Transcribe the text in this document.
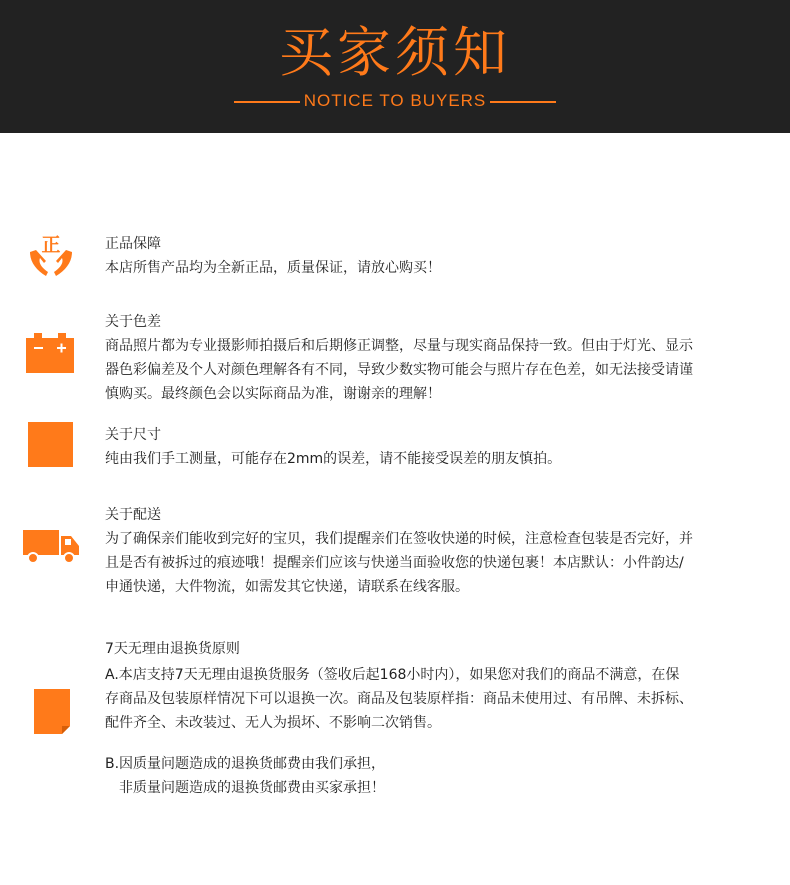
买家须知
NOTICE TO BUYERS
正	正品保障
本店所售产品均为全新正品，质量保证，请放心购买！
关于色差
商品照片都为专业摄影师拍摄后和后期修正调整，尽量与现实商品保持一致。但由于灯光、显示
器色彩偏差及个人对颜色理解各有不同，导致少数实物可能会与照片存在色差，如无法接受请谨
慎购买。最终颜色会以实际商品为准，谢谢亲的理解！
关于尺寸
纯由我们手工测量，可能存在2mm的误差，请不能接受误差的朋友慎拍。
关于配送
为了确保亲们能收到完好的宝贝，我们提醒亲们在签收快递的时候，注意检查包装是否完好，并
且是否有被拆过的痕迹哦！提醒亲们应该与快递当面验收您的快递包裹！本店默认：小件韵达/
申通快递，大件物流，如需发其它快递，请联系在线客服。
7天无理由退换货原则
A.本店支持7天无理由退换货服务（签收后起168小时内），如果您对我们的商品不满意，在保
存商品及包装原样情况下可以退换一次。商品及包装原样指：商品未使用过、有吊牌、未拆标、
配件齐全、未改装过、无人为损坏、不影响二次销售。
B.因质量问题造成的退换货邮费由我们承担，
非质量问题造成的退换货邮费由买家承担！
